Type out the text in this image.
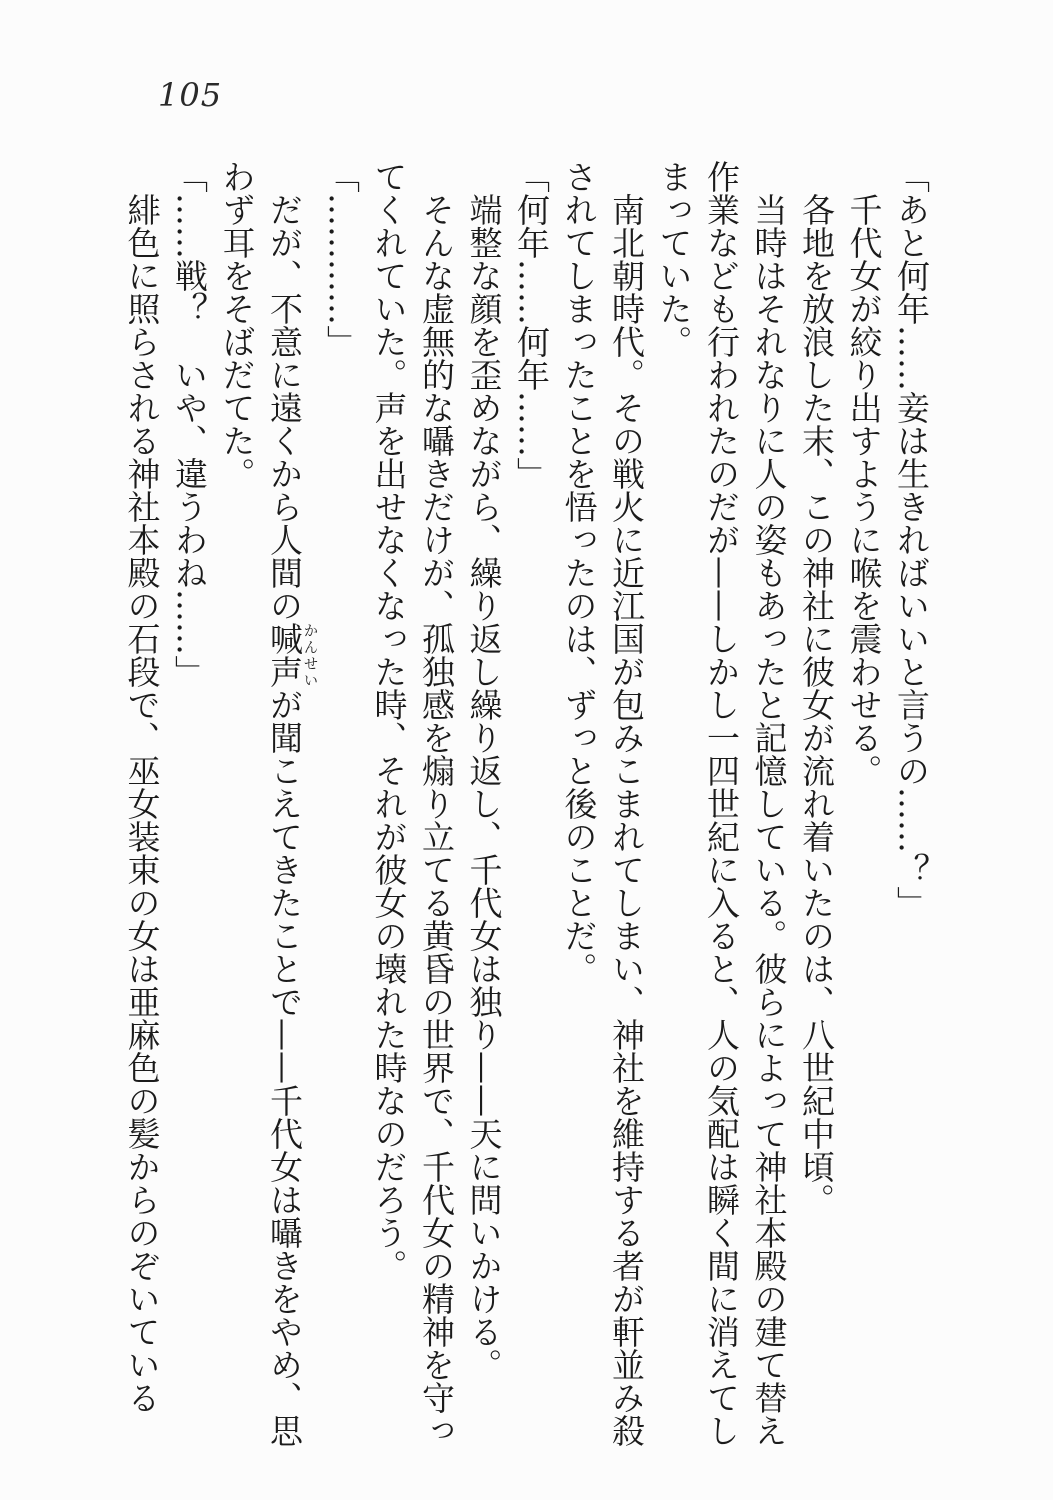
105

「あと何年……妾は生きればいいと言うの……？」

千代女が絞り出すように喉を震わせる。

各地を放浪した末、この神社に彼女が流れ着いたのは、八世紀中頃。

当時はそれなりに人の姿もあったと記憶している。彼らによって神社本殿の建て替え作業なども行われたのだが——しかし一四世紀に入ると、人の気配は瞬く間に消えてしまっていた。

南北朝時代。その戦火に近江国が包みこまれてしまい、神社を維持する者が軒並み殺されてしまったことを悟ったのは、ずっと後のことだ。

「何年……何年……」

端整な顔を歪めながら、繰り返し繰り返し、千代女は独り——天に問いかける。

そんな虚無的な囁きだけが、孤独感を煽り立てる黄昏の世界で、千代女の精神を守ってくれていた。声を出せなくなった時、それが彼女の壊れた時なのだろう。

「…………」

だが、不意に遠くから人間の喊声かんせいが聞こえてきたことで——千代女は囁きをやめ、思わず耳をそばだてた。

「……戦？　いや、違うわね……」

緋色に照らされる神社本殿の石段で、巫女装束の女は亜麻色の髪からのぞいている
